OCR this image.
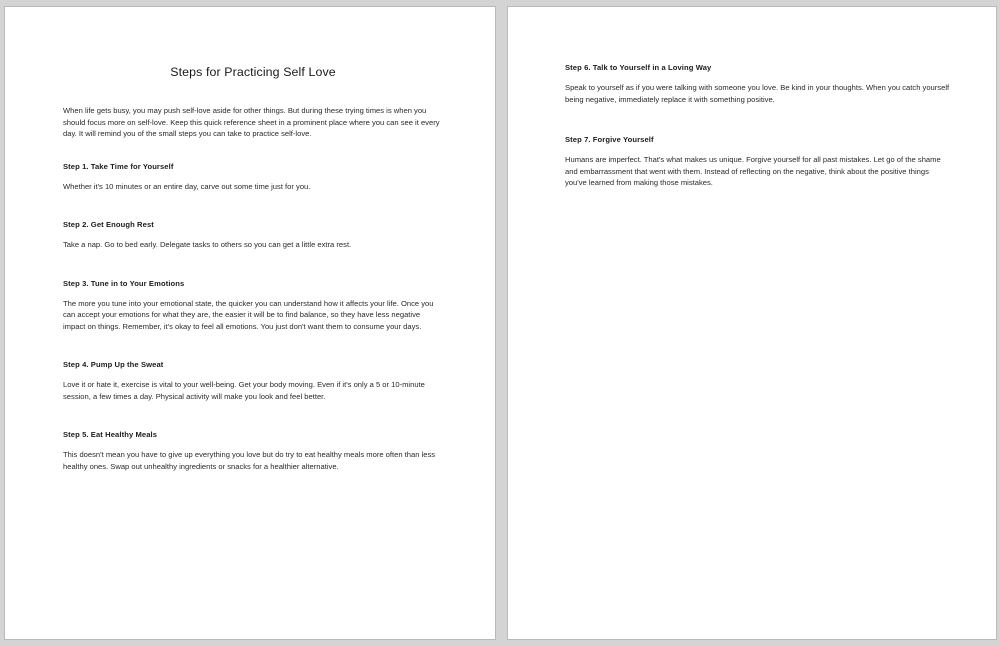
Steps for Practicing Self Love

When life gets busy, you may push self-love aside for other things. But during these trying times is when you should focus more on self-love. Keep this quick reference sheet in a prominent place where you can see it every day. It will remind you of the small steps you can take to practice self-love.

Step 1. Take Time for Yourself

Whether it's 10 minutes or an entire day, carve out some time just for you.

Step 2. Get Enough Rest

Take a nap. Go to bed early. Delegate tasks to others so you can get a little extra rest.

Step 3. Tune in to Your Emotions

The more you tune into your emotional state, the quicker you can understand how it affects your life. Once you can accept your emotions for what they are, the easier it will be to find balance, so they have less negative impact on things. Remember, it's okay to feel all emotions. You just don't want them to consume your days.

Step 4. Pump Up the Sweat

Love it or hate it, exercise is vital to your well-being. Get your body moving. Even if it's only a 5 or 10-minute session, a few times a day. Physical activity will make you look and feel better.

Step 5. Eat Healthy Meals

This doesn't mean you have to give up everything you love but do try to eat healthy meals more often than less healthy ones. Swap out unhealthy ingredients or snacks for a healthier alternative.

Step 6. Talk to Yourself in a Loving Way

Speak to yourself as if you were talking with someone you love. Be kind in your thoughts. When you catch yourself being negative, immediately replace it with something positive.

Step 7. Forgive Yourself

Humans are imperfect. That's what makes us unique. Forgive yourself for all past mistakes. Let go of the shame and embarrassment that went with them. Instead of reflecting on the negative, think about the positive things you've learned from making those mistakes.
